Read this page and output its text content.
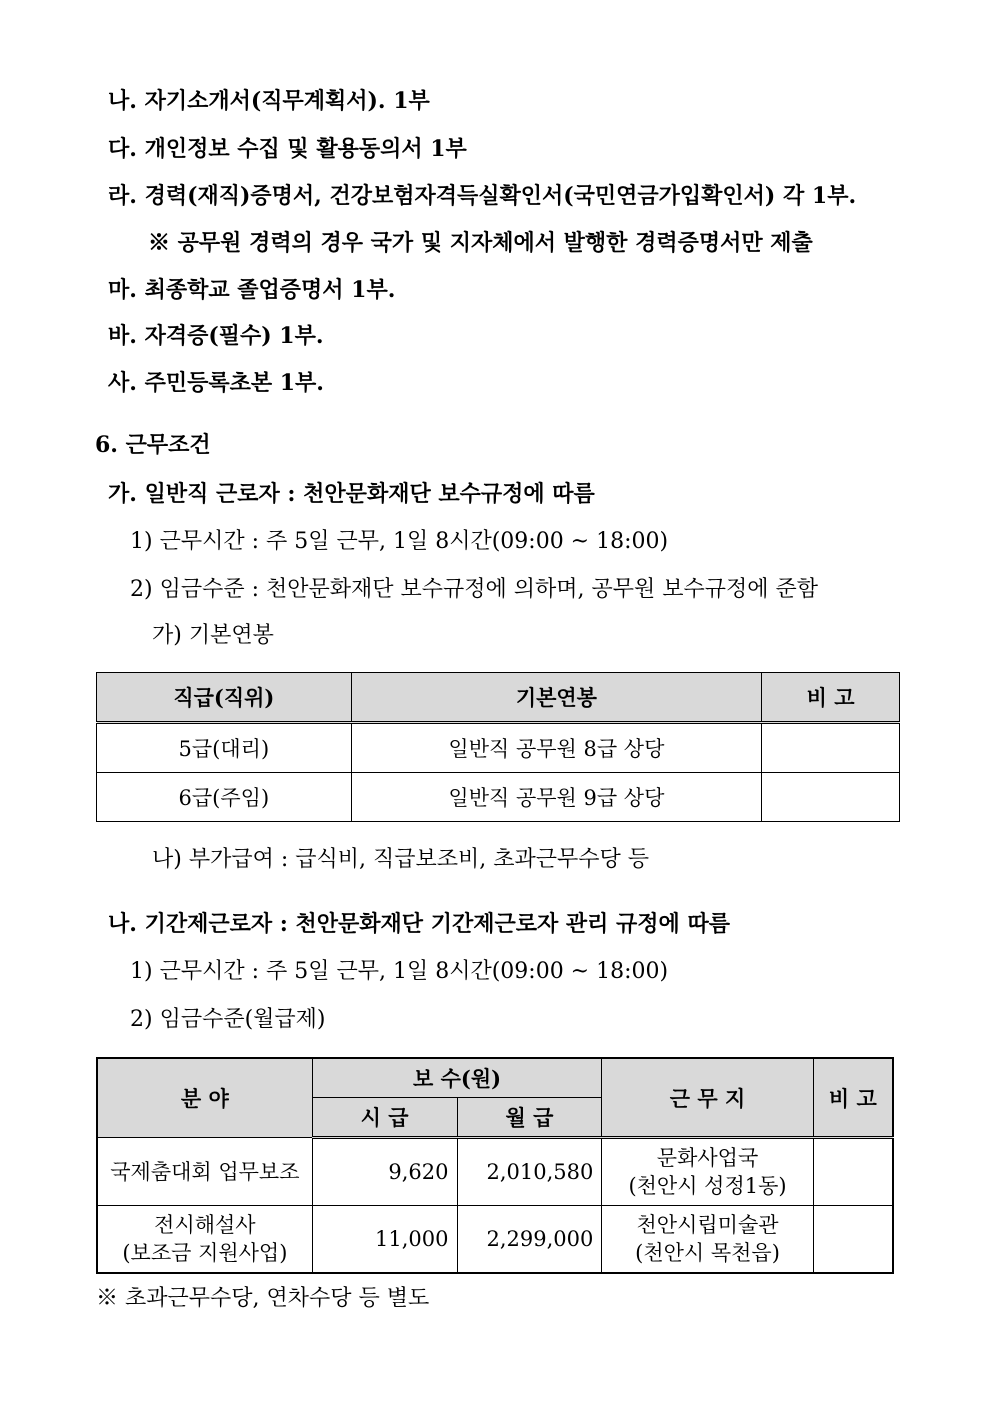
나. 자기소개서(직무계획서). 1부
다. 개인정보 수집 및 활용동의서 1부
라. 경력(재직)증명서, 건강보험자격득실확인서(국민연금가입확인서) 각 1부.
※ 공무원 경력의 경우 국가 및 지자체에서 발행한 경력증명서만 제출
마. 최종학교 졸업증명서 1부.
바. 자격증(필수) 1부.
사. 주민등록초본 1부.
6. 근무조건
가. 일반직 근로자 : 천안문화재단 보수규정에 따름
1) 근무시간 : 주 5일 근무, 1일 8시간(09:00 ~ 18:00)
2) 임금수준 : 천안문화재단 보수규정에 의하며, 공무원 보수규정에 준함
가) 기본연봉
직급(직위)	기본연봉	비 고
5급(대리)	일반직 공무원 8급 상당	
6급(주임)	일반직 공무원 9급 상당	
나) 부가급여 : 급식비, 직급보조비, 초과근무수당 등
나. 기간제근로자 : 천안문화재단 기간제근로자 관리 규정에 따름
1) 근무시간 : 주 5일 근무, 1일 8시간(09:00 ~ 18:00)
2) 임금수준(월급제)
분 야	보 수(원)		근 무 지	비 고
	시 급	월 급		
국제춤대회 업무보조	9,620	2,010,580	문화사업국
(천안시 성정1동)	
전시해설사
(보조금 지원사업)	11,000	2,299,000	천안시립미술관
(천안시 목천읍)	
※ 초과근무수당, 연차수당 등 별도
